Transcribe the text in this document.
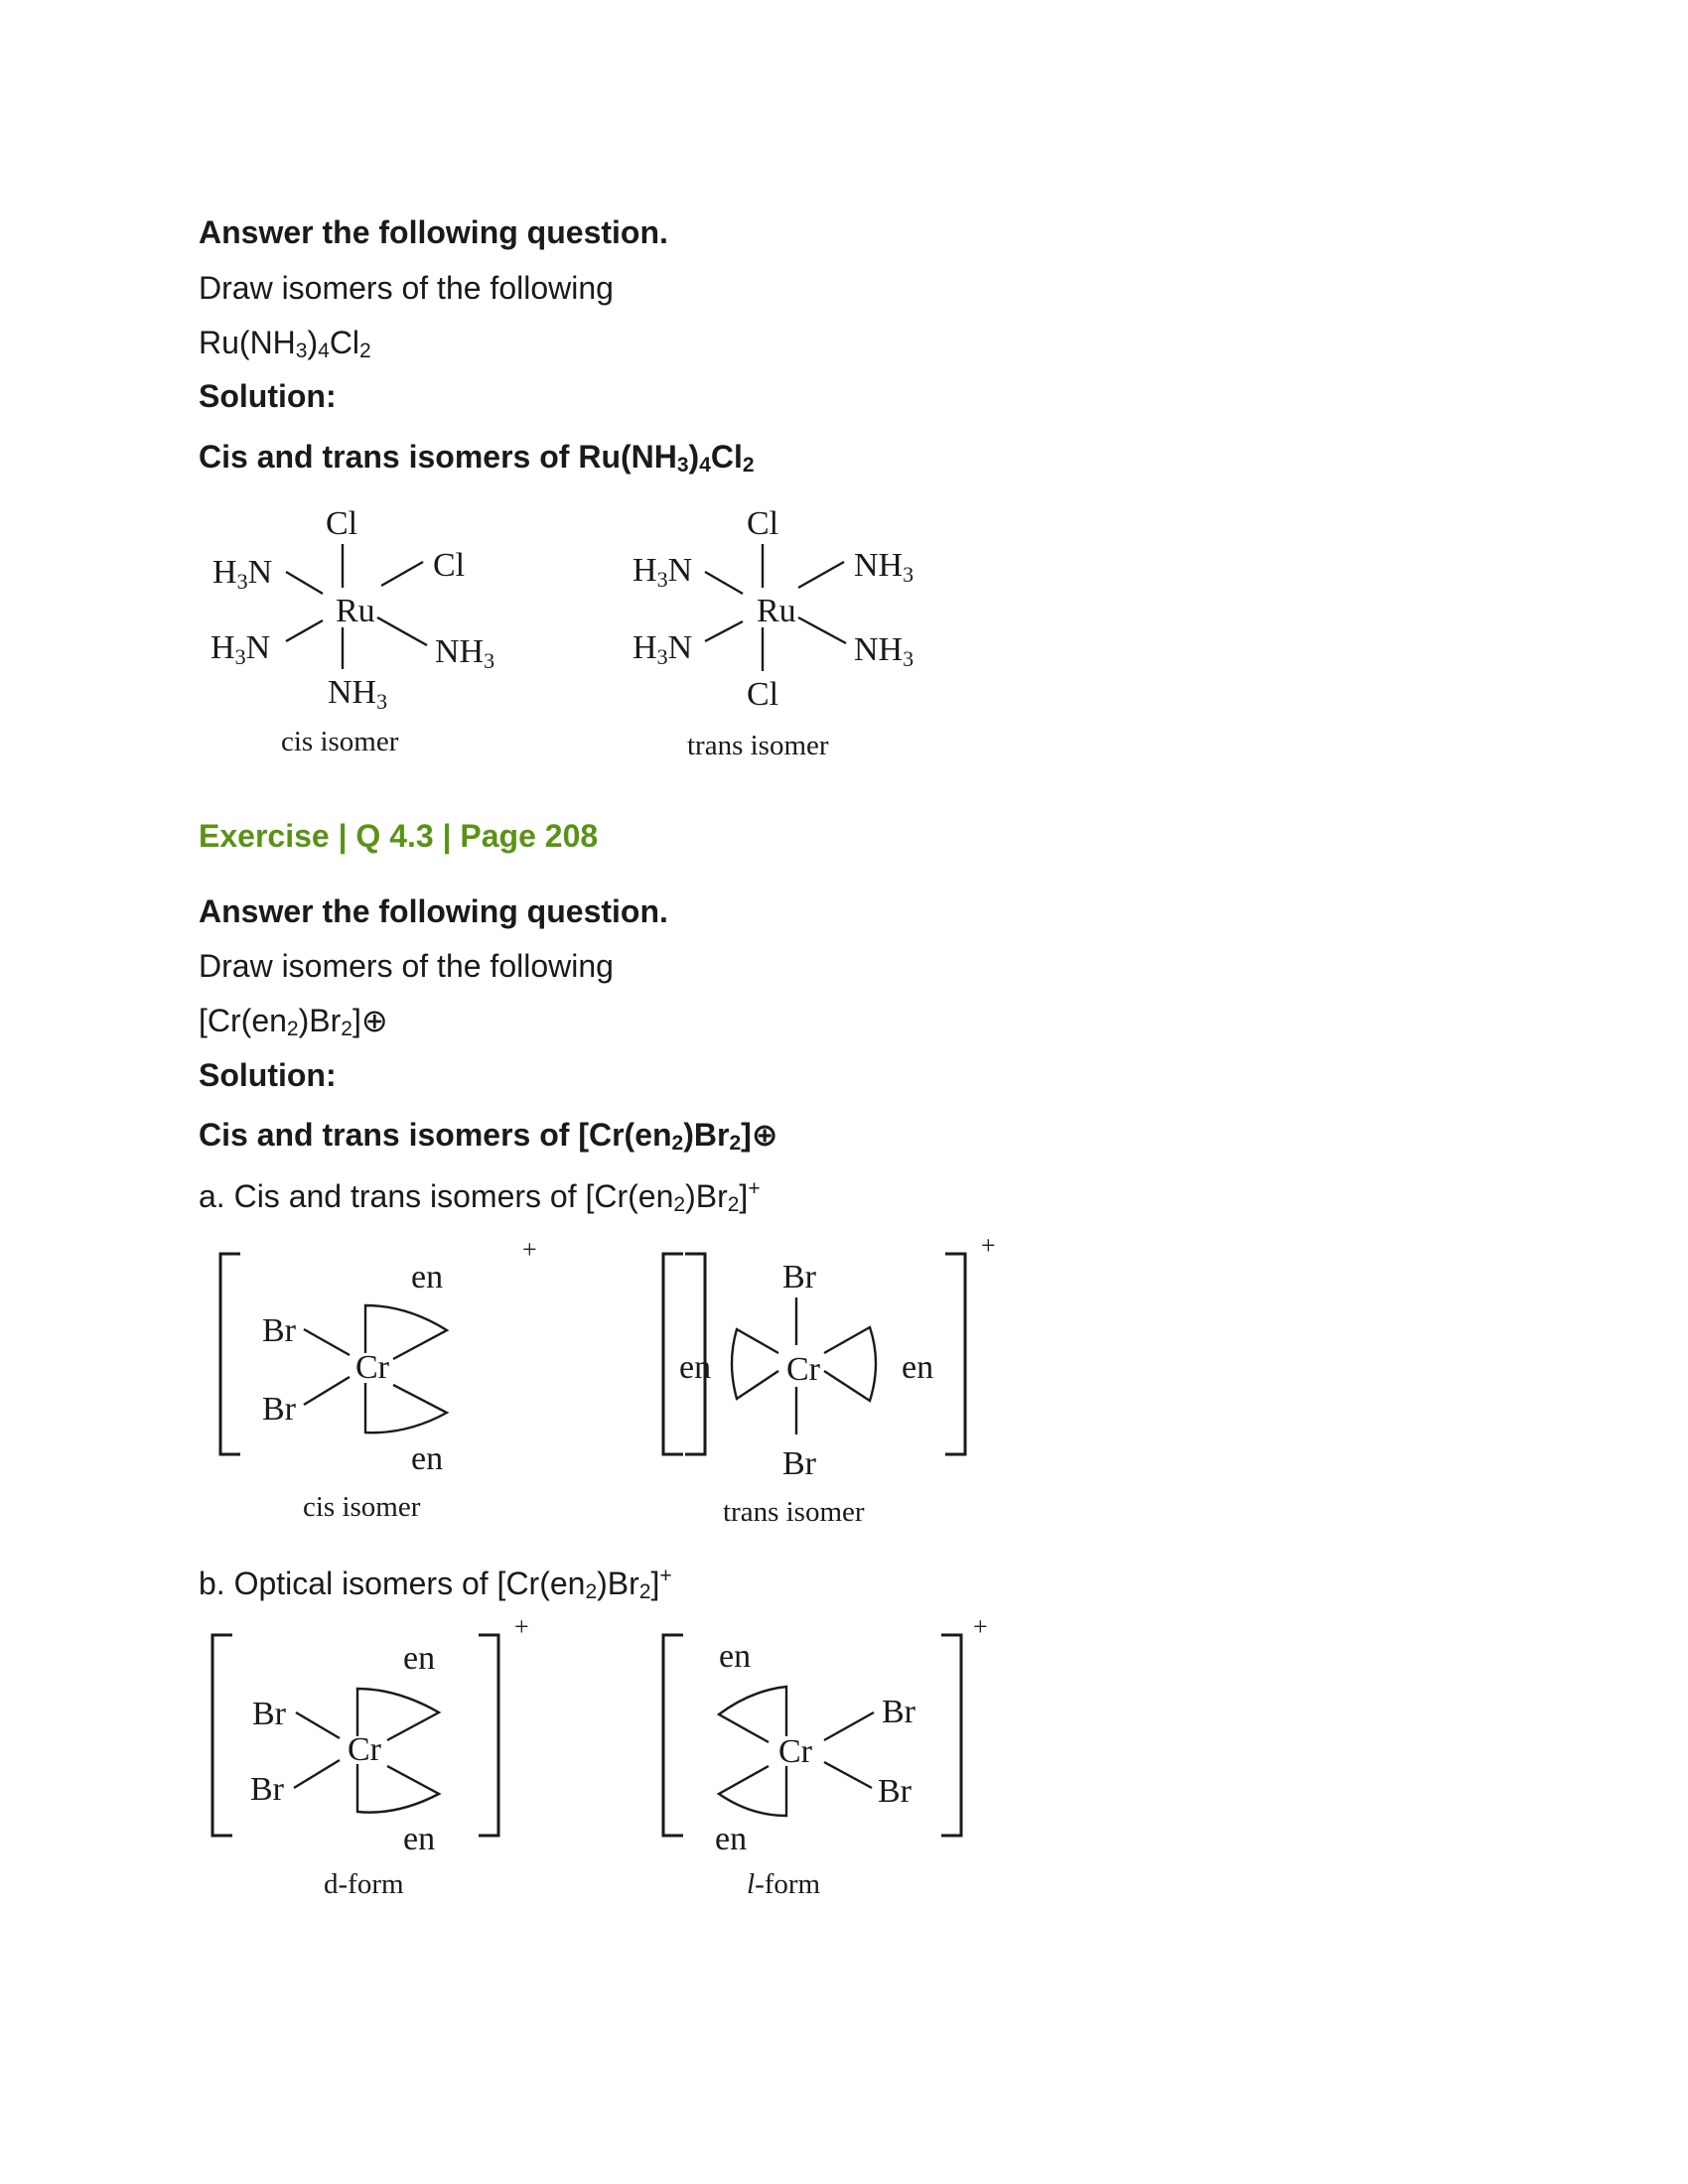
Answer the following question.
Draw isomers of the following
Ru(NH3)4Cl2
Solution:
Cis and trans isomers of Ru(NH3)4Cl2
Cl
H3N	Cl
Ru
H3N	NH3
NH3
cis isomer
Cl
H3N	NH3
Ru
H3N	NH3
Cl
trans isomer
Exercise | Q 4.3 | Page 208
Answer the following question.
Draw isomers of the following
[Cr(en2)Br2]⊕
Solution:
Cis and trans isomers of [Cr(en2)Br2]⊕
a. Cis and trans isomers of [Cr(en2)Br2]+
+
en
Br
Cr
Br
en
cis isomer
+
Br
en Cr en
Br
trans isomer
b. Optical isomers of [Cr(en2)Br2]+
+
en
Br
Cr
Br
en
d-form
+
en
Cr
Br
Br
en
l-form
